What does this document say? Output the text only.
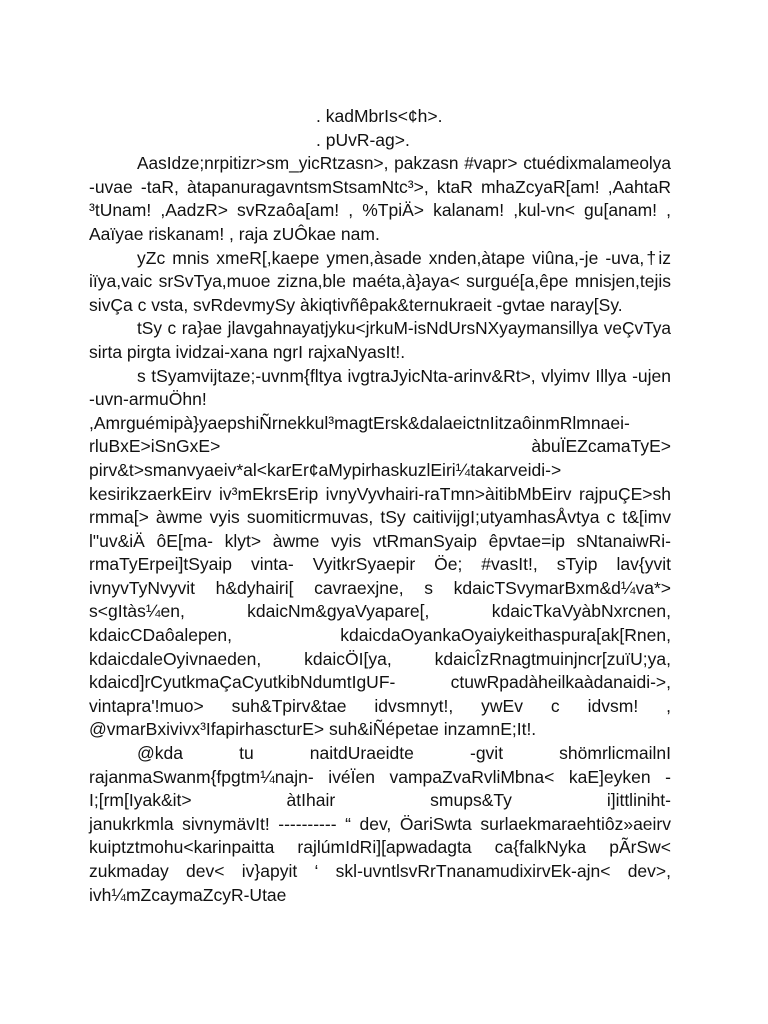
. kadMbrIs<¢h>.
. pUvR-ag>.

AasIdze;nrpitizr>sm_yicRtzasn>, pakzasn #vapr> ctuédixmalameolya
-uvae -taR, àtapanuragavntsmStsamNtc³>, ktaR mhaZcyaR[am! ,AahtaR
³tUnam! ,AadzR> svRzaôa[am! , %TpiÄ> kalanam! ,kul-vn< gu[anam! ,
Aaïyae riskanam! , raja zUÔkae nam.

yZc mnis xmeR[,kaepe ymen,àsade xnden,àtape viûna,-je -uva,†iz
iïya,vaic srSvTya,muoe zizna,ble maéta,à}aya< surgué[a,êpe mnisjen,tejis
sivÇa c vsta, svRdevmySy àkiqtivñêpak&ternukraeit -gvtae naray[Sy.

tSy c ra}ae jlavgahnayatjyku<jrkuM-isNdUrsNXyaymansillya veÇvTya
sirta pirgta ividzai-xana ngrI rajxaNyasIt!.

s tSyamvijtaze;-uvnm{fltya ivgtraJyicNta-arinv&Rt>, vlyimv Illya -ujen
-uvn-armuÖhn!
,Amrguémipà}yaepshiÑrnekkul³magtErsk&dalaeictnIitzaôinmRlmnaei-
rluBxE>iSnGxE> àbuÏEZcamaTyE>
pirv&t>smanvyaeiv*al<karEr¢aMypirhaskuzlEiri¼takarveidi->
kesirikzaerkEirv iv³mEkrsErip ivnyVyvhairi-raTmn>àitibMbEirv rajpuÇE>sh
rmma[> àwme vyis suomiticrmuvas, tSy caitivijgI;utyamhasÅvtya c t&[imv
l"uv&iÄ ôE[ma- klyt> àwme vyis vtRmanSyaip êpvtae=ip sNtanaiwRi-
rmaTyErpei]tSyaip vinta- VyitkrSyaepir Öe; #vasIt!, sTyip lav{yvit
ivnyvTyNvyvit h&dyhairi[ cavraexjne, s kdaicTSvymarBxm&d¼va*>
s<gItàs¼en, kdaicNm&gyaVyapare[, kdaicTkaVyàbNxrcnen,
kdaicCDaôalepen, kdaicdaOyankaOyaiykeithaspura[ak[Rnen,
kdaicdaleOyivnaeden, kdaicÖI[ya, kdaicÎzRnagtmuinjncr[zuïU;ya,
kdaicd]rCyutkmaÇaCyutkibNdumtIgUF- ctuwRpadàheilkaàdanaidi->,
vintapra'!muo> suh&Tpirv&tae idvsmnyt!, ywEv c idvsm! ,
@vmarBxivivx³IfapirhascturE> suh&iÑépetae inzamnE;It!.

@kda tu naitdUraeidte -gvit shömrlicmailnI
rajanmaSwanm{fpgtm¼najn- ivéÏen vampaZvaRvliMbna< kaE]eyken -
I;[rm[Iyak&it> àtIhair smups&Ty i]ittliniht-
janukrkmla sivnymävIt! ---------- “ dev, ÖariSwta surlaekmaraehtiôz»aeirv
kuiptztmohu<karinpaitta rajlúmIdRi][apwadagta ca{falkNyka pÃrSw<
zukmaday dev< iv}apyit ‘ skl-uvntlsvRrTnanamudixirvEk-ajn< dev>,
ivh¼mZcaymaZcyR-Utae
